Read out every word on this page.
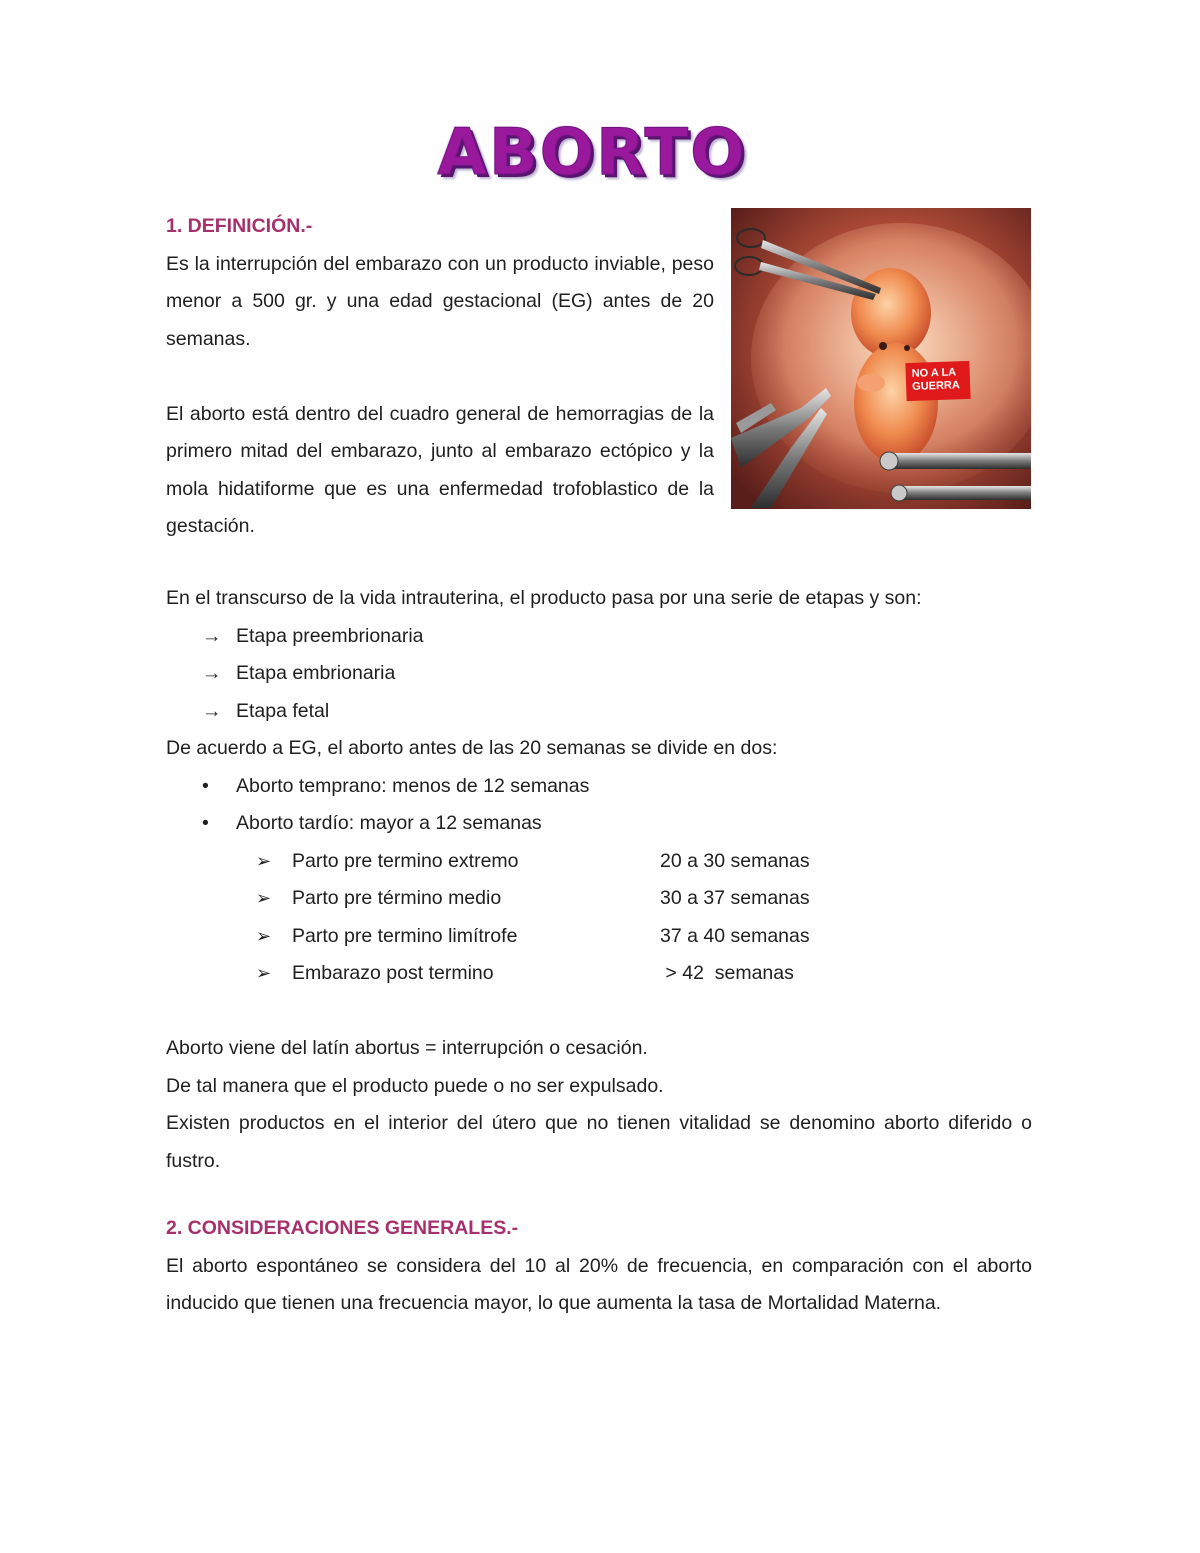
ABORTO
NO A LA
GUERRA

1. DEFINICIÓN.-

Es la interrupción del embarazo con un producto inviable, peso menor a 500 gr. y una edad gestacional (EG) antes de 20 semanas.

El aborto está dentro del cuadro general de hemorragias de la primero mitad del embarazo, junto al embarazo ectópico y la mola hidatiforme que es una enfermedad trofoblastico de la gestación.

En el transcurso de la vida intrauterina, el producto pasa por una serie de etapas y son:

→ Etapa preembrionaria
→ Etapa embrionaria
→ Etapa fetal

De acuerdo a EG, el aborto antes de las 20 semanas se divide en dos:

• Aborto temprano: menos de 12 semanas
• Aborto tardío: mayor a 12 semanas
➢ Parto pre termino extremo	20 a 30 semanas
➢ Parto pre término medio	30 a 37 semanas
➢ Parto pre termino limítrofe	37 a 40 semanas
➢ Embarazo post termino	> 42  semanas

Aborto viene del latín abortus = interrupción o cesación.

De tal manera que el producto puede o no ser expulsado.

Existen productos en el interior del útero que no tienen vitalidad se denomino aborto diferido o fustro.

2. CONSIDERACIONES GENERALES.-

El aborto espontáneo se considera del 10 al 20% de frecuencia, en comparación con el aborto inducido que tienen una frecuencia mayor, lo que aumenta la tasa de Mortalidad Materna.
